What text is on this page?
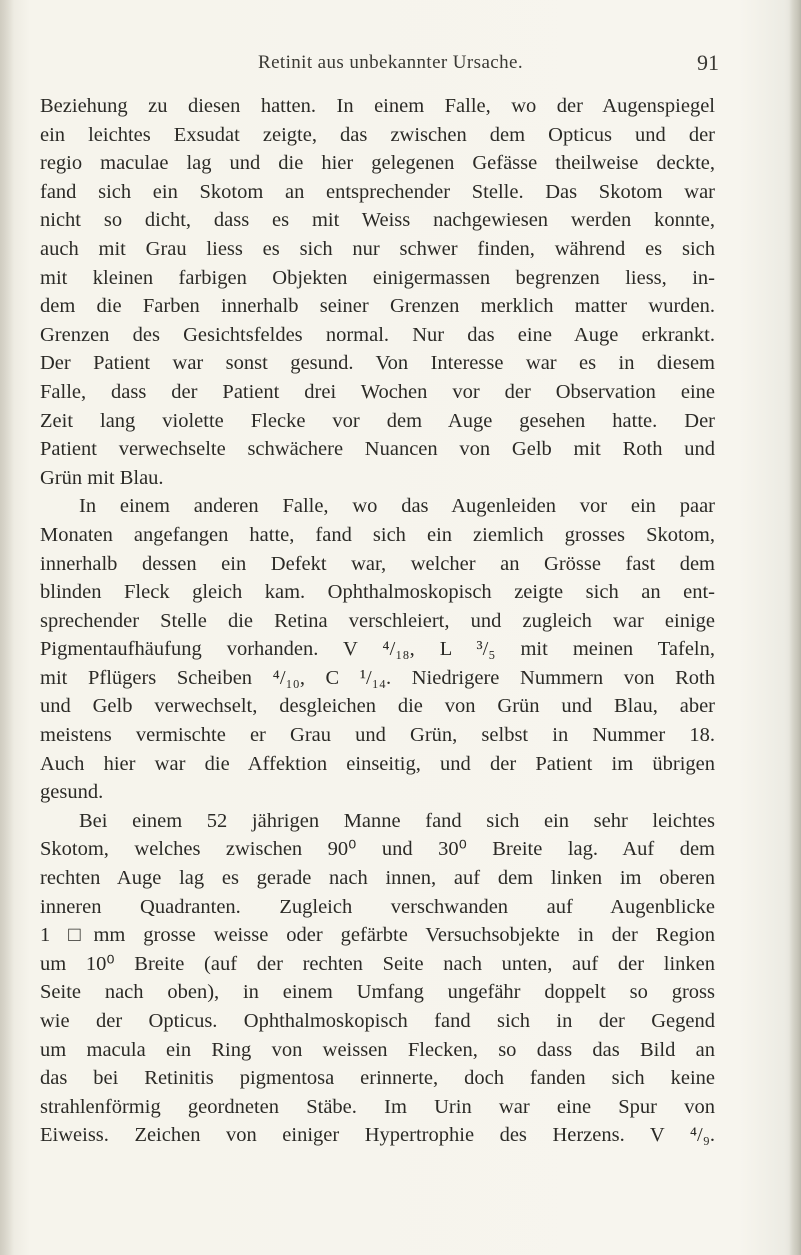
Retinit aus unbekannter Ursache.	91
Beziehung zu diesen hatten. In einem Falle, wo der Augenspiegel
ein leichtes Exsudat zeigte, das zwischen dem Opticus und der
regio maculae lag und die hier gelegenen Gefässe theilweise deckte,
fand sich ein Skotom an entsprechender Stelle. Das Skotom war
nicht so dicht, dass es mit Weiss nachgewiesen werden konnte,
auch mit Grau liess es sich nur schwer finden, während es sich
mit kleinen farbigen Objekten einigermassen begrenzen liess, in-
dem die Farben innerhalb seiner Grenzen merklich matter wurden.
Grenzen des Gesichtsfeldes normal. Nur das eine Auge erkrankt.
Der Patient war sonst gesund. Von Interesse war es in diesem
Falle, dass der Patient drei Wochen vor der Observation eine
Zeit lang violette Flecke vor dem Auge gesehen hatte. Der
Patient verwechselte schwächere Nuancen von Gelb mit Roth und
Grün mit Blau.
In einem anderen Falle, wo das Augenleiden vor ein paar
Monaten angefangen hatte, fand sich ein ziemlich grosses Skotom,
innerhalb dessen ein Defekt war, welcher an Grösse fast dem
blinden Fleck gleich kam. Ophthalmoskopisch zeigte sich an ent-
sprechender Stelle die Retina verschleiert, und zugleich war einige
Pigmentaufhäufung vorhanden. V ⁴/₁₈, L ³/₅ mit meinen Tafeln,
mit Pflügers Scheiben ⁴/₁₀, C ¹/₁₄. Niedrigere Nummern von Roth
und Gelb verwechselt, desgleichen die von Grün und Blau, aber
meistens vermischte er Grau und Grün, selbst in Nummer 18.
Auch hier war die Affektion einseitig, und der Patient im übrigen
gesund.
Bei einem 52 jährigen Manne fand sich ein sehr leichtes
Skotom, welches zwischen 90⁰ und 30⁰ Breite lag. Auf dem
rechten Auge lag es gerade nach innen, auf dem linken im oberen
inneren Quadranten. Zugleich verschwanden auf Augenblicke
1 □mm grosse weisse oder gefärbte Versuchsobjekte in der Region
um 10⁰ Breite (auf der rechten Seite nach unten, auf der linken
Seite nach oben), in einem Umfang ungefähr doppelt so gross
wie der Opticus. Ophthalmoskopisch fand sich in der Gegend
um macula ein Ring von weissen Flecken, so dass das Bild an
das bei Retinitis pigmentosa erinnerte, doch fanden sich keine
strahlenförmig geordneten Stäbe. Im Urin war eine Spur von
Eiweiss. Zeichen von einiger Hypertrophie des Herzens. V ⁴/₉.
